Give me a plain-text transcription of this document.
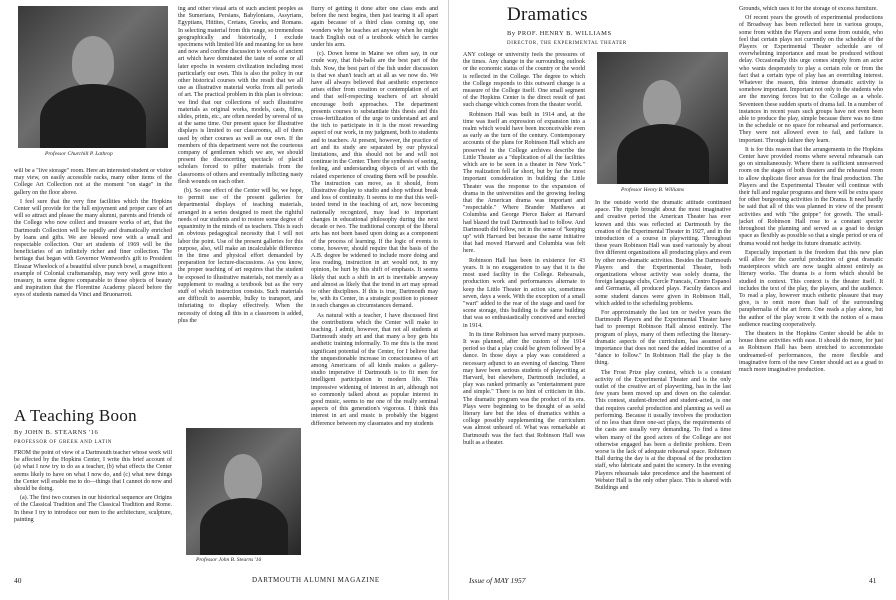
Professor Churchill P. Lathrop

will be a "live storage" room. Here an interested student or visitor may view, on easily accessible racks, many other items of the College Art Collection not at the moment "on stage" in the gallery on the floor above.

I feel sure that the very fine facilities which the Hopkins Center will provide for the full enjoyment and proper care of art will so attract and please the many alumni, parents and friends of the College who now collect and treasure works of art, that the Dartmouth Collection will be rapidly and dramatically enriched by loans and gifts. We are blessed now with a small and respectable collection. Our art students of 1969 will be the beneficiaries of an infinitely richer and finer collection. The heritage that began with Governor Wentworth's gift to President Eleazar Wheelock of a beautiful silver punch bowl, a magnificent example of Colonial craftsmanship, may very well grow into a treasury, in some degree comparable to those objects of beauty and inspiration that the Florentine Academy placed before the eyes of students named da Vinci and Bruonarroti.

A Teaching Boon
By JOHN B. STEARNS '16
PROFESSOR OF GREEK AND LATIN

FROM the point of view of a Dartmouth teacher whose work will be affected by the Hopkins Center, I write this brief account of (a) what I now try to do as a teacher, (b) what effects the Center seems likely to have on what I now do, and (c) what new things the Center will enable me to do—things that I cannot do now and should be doing.

(a). The first two courses in our historical sequence are Origins of the Classical Tradition and The Classical Tradition and Rome. In these I try to introduce our men to the architecture, sculpture, painting

ing and other visual arts of such ancient peoples as the Sumerians, Persians, Babylonians, Assyrians, Egyptians, Hittites, Cretans, Greeks, and Romans. In selecting material from this range, so tremendous geographically and historically, I exclude specimens with limited life and meaning for us here and now and confine discussion to works of ancient art which have dominated the taste of some or all later epochs in western civilization including most particularly our own. This is also the policy in our other historical courses with the result that we all use as illustrative material works from all periods of art. The practical problem in this plan is obvious: we find that our collections of such illustrative materials as original works, models, casts, films, slides, prints, etc., are often needed by several of us at the same time. Our present space for illustrative displays is limited to our classrooms, all of them used by other courses as well as our own. If the members of this department were not the courteous company of gentlemen which we are, we should present the disconcerting spectacle of placid scholars forced to pilfer materials from the classrooms of others and eventually inflicting nasty flesh wounds on each other.

(b). So one effect of the Center will be, we hope, to permit use of the present galleries for departmental displays of teaching materials, arranged in a series designed to meet the rightful needs of our students and to restore some degree of equanimity in the minds of us teachers. This is such an obvious pedagogical necessity that I will not labor the point. Use of the present galleries for this purpose, also, will make an incalculable difference in the time and physical effort demanded by preparation for lecture-discussions. As you know, the proper teaching of art requires that the student be exposed to illustrative materials, not merely as a supplement to reading a textbook but as the very stuff of which instruction consists. Such materials are difficult to assemble, bulky to transport, and infuriating to display effectively. When the necessity of doing all this in a classroom is added, plus the

Professor John B. Stearns '16

flurry of getting it done after one class ends and before the next begins, then just tearing it all apart again because of a third class coming up, one wonders why he teaches art anyway when he might teach English out of a textbook which he carries under his arm.

(c). Down home in Maine we often say, in our crude way, that fish-balls are the best part of the fish. Now, the best part of the fish under discussion is that we shan't teach art at all as we now do. We have all always believed that aesthetic experience arises either from creation or contemplation of art and that self-respecting teachers of art should encourage both approaches. The department presents courses to substantiate this thesis and this cross-fertilization of the urge to understand art and the itch to participate in it is the most rewarding aspect of our work, in my judgment, both to students and to teachers. At present, however, the practice of art and its study are separated by our physical limitations, and this should not be and will not continue in the Center. There the synthesis of seeing, feeling, and understanding objects of art with the related experience of creating them will be possible. The instruction can move, as it should, from illustrative display to studio and shop without break and loss of continuity. It seems to me that this well-tested trend in the teaching of art, now becoming nationally recognized, may lead to important changes in educational philosophy during the next decade or two. The traditional concept of the liberal arts has not been based upon doing as a component of the process of learning. If the logic of events to come, however, should require that the basis of the A.B. degree be widened to include more doing and less reading, instruction in art would not, in my opinion, be hurt by this shift of emphasis. It seems likely that such a shift in art is inevitable anyway and almost as likely that the trend in art may spread to other disciplines. If this is true, Dartmouth may be, with its Center, in a strategic position to pioneer in such changes as circumstances demand.

As natural with a teacher, I have discussed first the contributions which the Center will make to teaching. I admit, however, that not all students at Dartmouth study art and that many a boy gets his aesthetic training informally. To me this is the most significant potential of the Center, for I believe that the unquestionable increase in consciousness of art among Americans of all kinds makes a gallery-studio imperative if Dartmouth is to fit men for intelligent participation in modern life. This impressive widening of interest in art, although not so commonly talked about as popular interest in good music, seems to me one of the really seminal aspects of this generation's vigorous. I think this interest in art and music is probably the biggest difference between my classmates and my students

40	DARTMOUTH ALUMNI MAGAZINE
Dramatics
By PROF. HENRY B. WILLIAMS
DIRECTOR, THE EXPERIMENTAL THEATER

ANY college or university feels the pressures of the times. Any change in the surrounding outlook or the economic status of the country or the world is reflected in the College. The degree to which the College responds to this outward change is a measure of the College itself. One small segment of the Hopkins Center is the direct result of just such change which comes from the theater world.

Robinson Hall was built in 1914 and, at the time was itself an expression of expansion into a realm which would have been inconceivable even as early as the turn of the century. Contemporary accounts of the plans for Robinson Hall which are preserved in the College archives describe the Little Theater as a "duplication of all the facilities which are to be seen in a theater in New York." The realization fell far short, but by far the most important consideration in building the Little Theater was the response to the expansion of drama in the universities and the growing feeling that the American drama was important and "respectable." Where Brander Matthews at Columbia and George Pierce Baker at Harvard had blazed the trail Dartmouth had to follow. And Dartmouth did follow, not in the sense of "keeping up" with Harvard but because the same initiative that had moved Harvard and Columbia was felt here.

Robinson Hall has been in existence for 43 years. It is no exaggeration to say that it is the most used facility in the College. Rehearsals, production work and performances alternate to keep the Little Theater in action six, sometimes seven, days a week. With the exception of a small "wart" added to the rear of the stage and used for scene storage, this building is the same building that was so enthusiastically conceived and erected in 1914.

In its time Robinson has served many purposes. It was planned, after the custom of the 1914 period so that a play could be given followed by a dance. In those days a play was considered a necessary adjunct to an evening of dancing. There may have been serious students of playwriting at Harvard, but elsewhere, Dartmouth included, a play was ranked primarily as "entertainment pure and simple." There is no hint of criticism in this. The dramatic program was the product of its era. Plays were beginning to be thought of as solid literary fare but the idea of dramatics within a college possibly supplementing the curriculum was almost unheard of. What was remarkable at Dartmouth was the fact that Robinson Hall was built as a theater.

Professor Henry B. Williams

In the outside world the dramatic attitude continued apace. The ripple brought about the most imaginative and creative period the American Theater has ever known and this was reflected at Dartmouth by the creation of the Experimental Theater in 1927, and in the introduction of a course in playwriting. Throughout these years Robinson Hall was used variously by about five different organizations all producing plays and even by other non-dramatic activities. Besides the Dartmouth Players and the Experimental Theater, both organizations whose activity was solely drama, the foreign language clubs, Cercle Francais, Centro Espanol and Germania, all produced plays. Faculty dances and some student dances were given in Robinson Hall, which added to the scheduling problems.

For approximately the last ten or twelve years the Dartmouth Players and the Experimental Theater have had to preempt Robinson Hall almost entirely. The program of plays, many of them reflecting the literary-dramatic aspects of the curriculum, has assumed an importance that does not need the added incentive of a "dance to follow." In Robinson Hall the play is the thing.

The Frost Prize play contest, which is a constant activity of the Experimental Theater and is the only outlet of the creative art of playwriting, has in the last few years been moved up and down on the calendar. This contest, student-directed and student-acted, is one that requires careful production and planning as well as performing. Because it usually involves the production of no less than three one-act plays, the requirements of the casts are usually very demanding. To find a time when many of the good actors of the College are not otherwise engaged has been a definite problem. Even worse is the lack of adequate rehearsal space. Robinson Hall during the day is at the disposal of the production staff, who fabricate and paint the scenery. In the evening Players rehearsals take precedence and the basement of Webster Hall is the only other place. This is shared with Buildings and

Grounds, which uses it for the storage of excess furniture.

Of recent years the growth of experimental productions of Broadway has been reflected here in various groups, some from within the Players and some from outside, who feel that certain plays not currently on the schedule of the Players or Experimental Theater schedule are of overwhelming importance and must be produced without delay. Occasionally this urge comes simply from an actor who wants desperately to play a certain role or from the fact that a certain type of play has an overriding interest. Whatever the reason, this intense dramatic activity is somehow important. Important not only to the students who are the moving forces but to the College as a whole. Seventeen these sudden spurts of drama fail. In a number of instances in recent years such groups have not even been able to produce the play, simple because there was no time in the schedule or no space for rehearsal and performance. They were not allowed even to fail, and failure is important. Through failure they learn.

It is for this reason that the arrangements in the Hopkins Center have provided rooms where several rehearsals can go on simultaneously. Where there is sufficient unreserved room on the stages of both theaters and the rehearsal room to allow duplicate floor areas for the final production. The Players and the Experimental Theater will continue with their full and regular programs and there will be extra space for other burgeoning activities in the Drama. It need hardly be said that all of this was planned in view of the present activities and with "the gnippe" for growth. The small-jacket of Robinson Hall rose to a constant spector throughout the planning and served as a goad to design space as flexibly as possible so that a single period or era of drama would not hedge its future dramatic activity.

Especially important is the freedom that this new plan will allow for the careful production of great dramatic masterpieces which are now taught almost entirely as literary works. The drama is a form which should be studied in context. This context is the theater itself. It includes the text of the play, the players, and the audience. To read a play, however much esthetic pleasure that may give, is to omit more than half of the surrounding paraphernalia of the art form. One reads a play alone, but the author of the play wrote it with the notion of a mass audience reacting cooperatively.

The theaters in the Hopkins Center should be able to house these activities with ease. It should do more, for just as Robinson Hall has been stretched to accommodate undreamed-of performances, the more flexible and imaginative form of the new Center should act as a goad to much more imaginative production.

Issue of MAY 1957	41
